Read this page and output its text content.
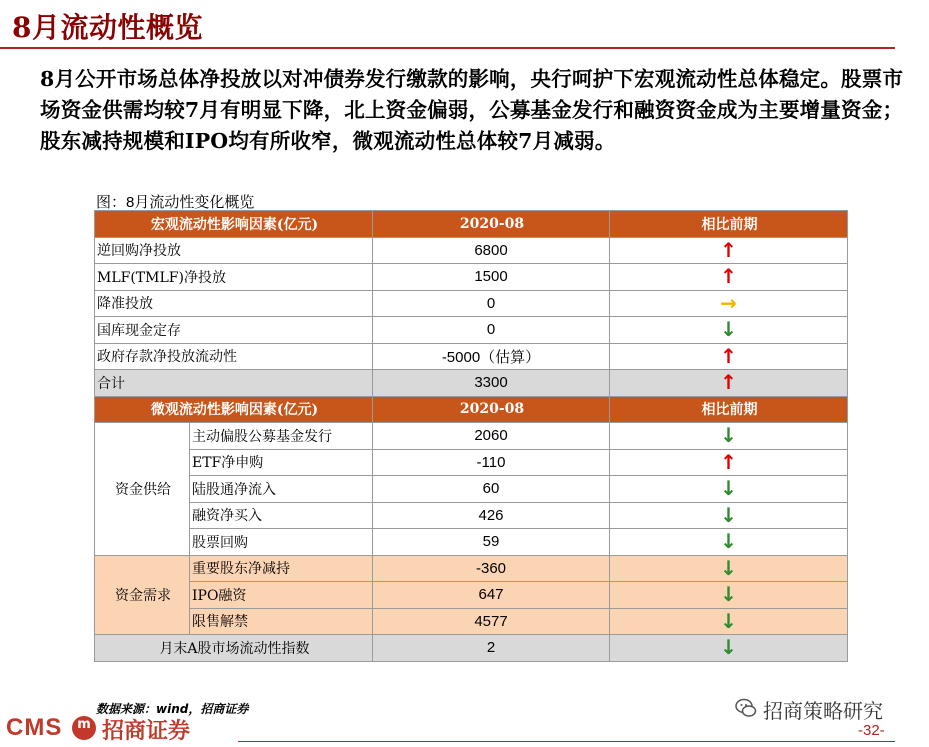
8月流动性概览
8月公开市场总体净投放以对冲债券发行缴款的影响，央行呵护下宏观流动性总体稳定。股票市场资金供需均较7月有明显下降，北上资金偏弱，公募基金发行和融资资金成为主要增量资金；股东减持规模和IPO均有所收窄，微观流动性总体较7月减弱。
图：8月流动性变化概览
宏观流动性影响因素(亿元)		2020-08	相比前期
逆回购净投放		6800	↑
MLF(TMLF)净投放		1500	↑
降准投放		0	→
国库现金定存		0	↓
政府存款净投放流动性		-5000（估算）	↑
合计		3300	↑
微观流动性影响因素(亿元)		2020-08	相比前期
资金供给	主动偏股公募基金发行	2060	↓
	ETF净申购	-110	↑
	陆股通净流入	60	↓
	融资净买入	426	↓
	股票回购	59	↓
资金需求	重要股东净减持	-360	↓
	IPO融资	647	↓
	限售解禁	4577	↓
月末A股市场流动性指数		2	↓
数据来源：wind，招商证券
CMS	m 招商证券
招商策略研究
-32-
